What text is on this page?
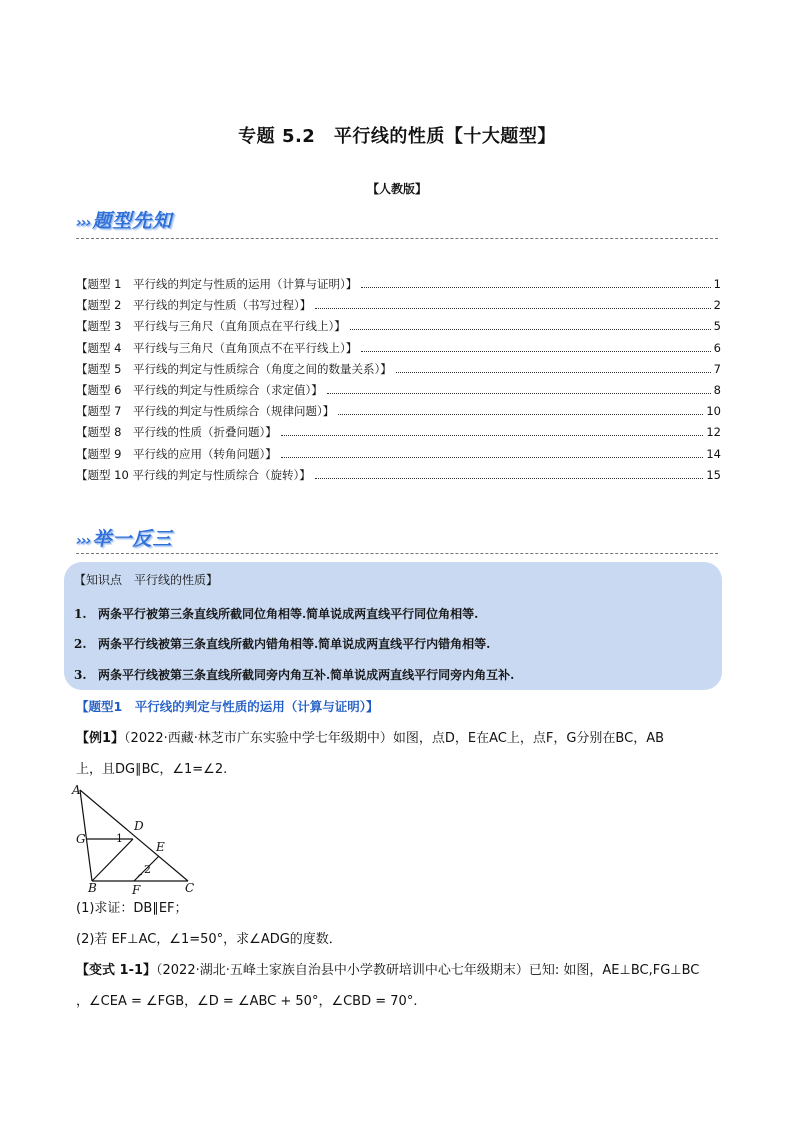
专题 5.2　平行线的性质【十大题型】
【人教版】
››› 题型先知
【题型 1　平行线的判定与性质的运用（计算与证明）】	1
【题型 2　平行线的判定与性质（书写过程）】	2
【题型 3　平行线与三角尺（直角顶点在平行线上）】	5
【题型 4　平行线与三角尺（直角顶点不在平行线上）】	6
【题型 5　平行线的判定与性质综合（角度之间的数量关系）】	7
【题型 6　平行线的判定与性质综合（求定值）】	8
【题型 7　平行线的判定与性质综合（规律问题）】	10
【题型 8　平行线的性质（折叠问题）】	12
【题型 9　平行线的应用（转角问题）】	14
【题型 10 平行线的判定与性质综合（旋转）】	15
››› 举一反三
【知识点　平行线的性质】
1. 两条平行被第三条直线所截同位角相等.简单说成两直线平行同位角相等.
2. 两条平行线被第三条直线所截内错角相等.简单说成两直线平行内错角相等.
3. 两条平行线被第三条直线所截同旁内角互补.简单说成两直线平行同旁内角互补.
【题型1　平行线的判定与性质的运用（计算与证明）】
【例1】（2022·西藏·林芝市广东实验中学七年级期中）如图，点D，E在AC上，点F，G分别在BC，AB
上，且DG∥BC，∠1=∠2.
A
B	C
D
E
F
G	1
2
(1)求证：DB∥EF；
(2)若 EF⊥AC，∠1=50°，求∠ADG的度数．
【变式 1-1】（2022·湖北·五峰土家族自治县中小学教研培训中心七年级期末）已知: 如图，AE⊥BC,FG⊥BC
，∠CEA = ∠FGB，∠D = ∠ABC + 50°，∠CBD = 70°.
